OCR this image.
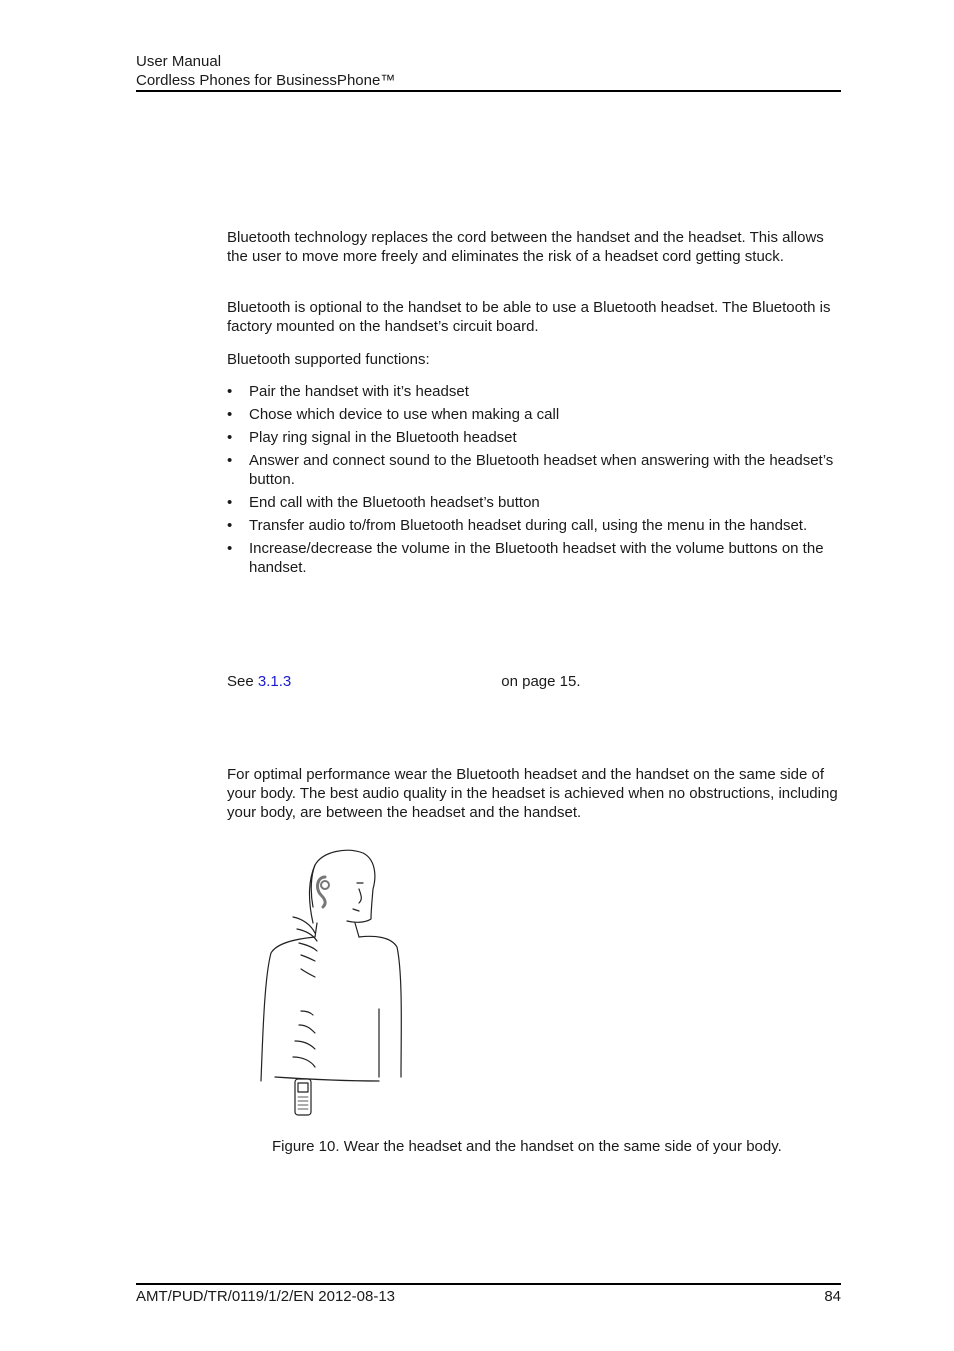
User Manual
Cordless Phones for BusinessPhone™

Bluetooth technology replaces the cord between the handset and the headset. This allows the user to move more freely and eliminates the risk of a headset cord getting stuck.

Bluetooth is optional to the handset to be able to use a Bluetooth headset. The Bluetooth is factory mounted on the handset’s circuit board.

Bluetooth supported functions:

• Pair the handset with it’s headset
• Chose which device to use when making a call
• Play ring signal in the Bluetooth headset
• Answer and connect sound to the Bluetooth headset when answering with the headset’s button.
• End call with the Bluetooth headset’s button
• Transfer audio to/from Bluetooth headset during call, using the menu in the handset.
• Increase/decrease the volume in the Bluetooth headset with the volume buttons on the handset.
See 3.1.3	on page 15.

For optimal performance wear the Bluetooth headset and the handset on the same side of your body. The best audio quality in the headset is achieved when no obstructions, including your body, are between the headset and the handset.

Figure 10. Wear the headset and the handset on the same side of your body.
AMT/PUD/TR/0119/1/2/EN 2012-08-13	84
